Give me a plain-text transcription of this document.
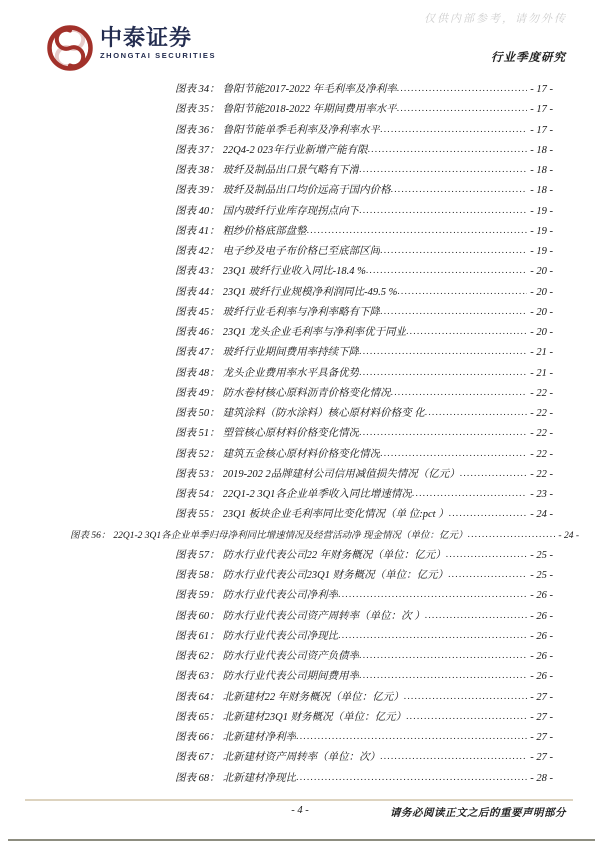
中泰证券
ZHONGTAI SECURITIES
仅供内部参考，请勿外传
行业季度研究
图表 34： 鲁阳节能2017-2022 年毛利率及净利率 .....	- 17 -
图表 35： 鲁阳节能2018-2022 年期间费用率水平 .....	- 17 -
图表 36： 鲁阳节能单季毛利率及净利率水平 .....	- 17 -
图表 37： 22Q4-2 023年行业新增产能有限 .....	- 18 -
图表 38： 玻纤及制品出口景气略有下滑 .....	- 18 -
图表 39： 玻纤及制品出口均价远高于国内价格 .....	- 18 -
图表 40： 国内玻纤行业库存现拐点向下 .....	- 19 -
图表 41： 粗纱价格底部盘整 .....	- 19 -
图表 42： 电子纱及电子布价格已至底部区间 .....	- 19 -
图表 43： 23Q1 玻纤行业收入同比-18.4 % .....	- 20 -
图表 44： 23Q1 玻纤行业规模净利润同比-49.5 % .....	- 20 -
图表 45： 玻纤行业毛利率与净利率略有下降 .....	- 20 -
图表 46： 23Q1 龙头企业毛利率与净利率优于同业 .....	- 20 -
图表 47： 玻纤行业期间费用率持续下降 .....	- 21 -
图表 48： 龙头企业费用率水平具备优势 .....	- 21 -
图表 49： 防水卷材核心原料沥青价格变化情况 .....	- 22 -
图表 50： 建筑涂料（防水涂料）核心原材料价格变 化 .....	- 22 -
图表 51： 塑管核心原材料价格变化情况 .....	- 22 -
图表 52： 建筑五金核心原材料价格变化情况 .....	- 22 -
图表 53： 2019-202 2品牌建材公司信用减值损失情况（亿元） .....	- 22 -
图表 54： 22Q1-2 3Q1各企业单季收入同比增速情况 .....	- 23 -
图表 55： 23Q1 板块企业毛利率同比变化情况（单 位:pct ） .....	- 24 -
图表 56： 22Q1-2 3Q1各企业单季归母净利同比增速情况及经营活动净 现金情况（单位：亿元） .....	- 24 -
图表 57： 防水行业代表公司22 年财务概况（单位：亿元） .....	- 25 -
图表 58： 防水行业代表公司23Q1 财务概况（单位：亿元） .....	- 25 -
图表 59： 防水行业代表公司净利率 .....	- 26 -
图表 60： 防水行业代表公司资产周转率（单位：次 ） .....	- 26 -
图表 61： 防水行业代表公司净现比 .....	- 26 -
图表 62： 防水行业代表公司资产负债率 .....	- 26 -
图表 63： 防水行业代表公司期间费用率 .....	- 26 -
图表 64： 北新建材22 年财务概况（单位：亿元） .....	- 27 -
图表 65： 北新建材23Q1 财务概况（单位：亿元） .....	- 27 -
图表 66： 北新建材净利率 .....	- 27 -
图表 67： 北新建材资产周转率（单位：次） .....	- 27 -
图表 68： 北新建材净现比 .....	- 28 -
- 4 -	请务必阅读正文之后的重要声明部分
